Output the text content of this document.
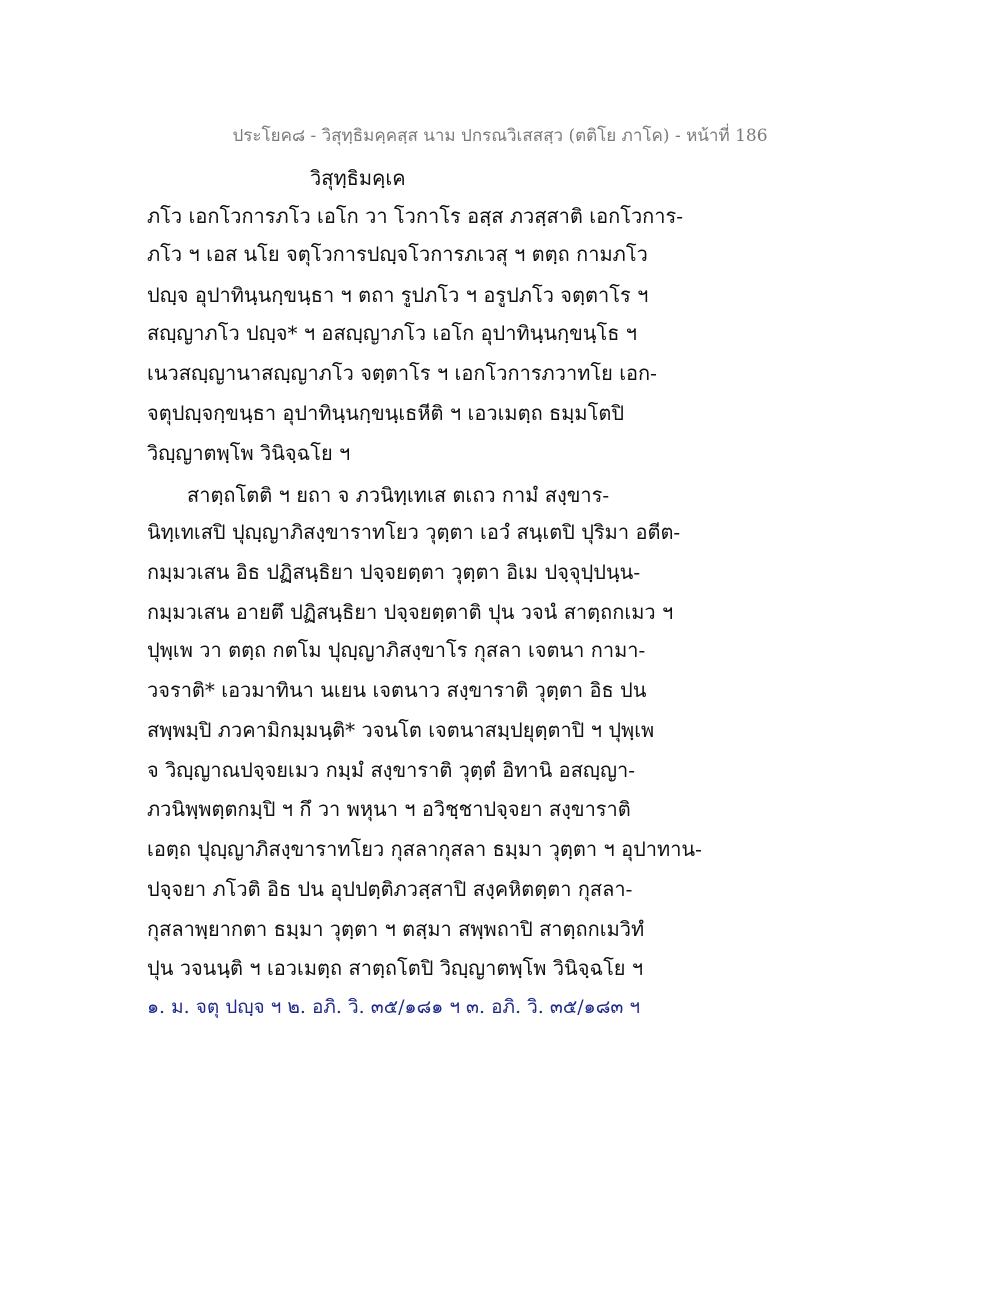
ประโยค๘ - วิสุทฺธิมคฺคสฺส นาม ปกรณวิเสสสฺว (ตติโย ภาโค) - หน้าที่ 186
วิสุทฺธิมคฺเค
ภโว เอกโวการภโว เอโก วา โวกาโร อสฺส ภวสฺสาติ เอกโวการ-
ภโว ฯ เอส นโย จตุโวการปญฺจโวการภเวสุ ฯ ตตฺถ กามภโว
ปญฺจ อุปาทินฺนกฺขนฺธา ฯ ตถา รูปภโว ฯ อรูปภโว จตฺตาโร ฯ
สญฺญาภโว ปญฺจ* ฯ อสญฺญาภโว เอโก อุปาทินฺนกฺขนฺโธ ฯ
เนวสญฺญานาสญฺญาภโว จตฺตาโร ฯ เอกโวการภวาทโย เอก-
จตุปญฺจกฺขนฺธา อุปาทินฺนกฺขนฺเธหีติ ฯ เอวเมตฺถ ธมฺมโตปิ
วิญฺญาตพฺโพ วินิจฺฉโย ฯ
สาตฺถโตติ ฯ ยถา จ ภวนิทฺเทเส ตเถว กามํ สงฺขาร-
นิทฺเทเสปิ ปุญฺญาภิสงฺขาราทโยว วุตฺตา เอวํ สนฺเตปิ ปุริมา อตีต-
กมฺมวเสน อิธ ปฏิสนฺธิยา ปจฺจยตฺตา วุตฺตา อิเม ปจฺจุปฺปนฺน-
กมฺมวเสน อายตึ ปฏิสนฺธิยา ปจฺจยตฺตาติ ปุน วจนํ สาตฺถกเมว ฯ
ปุพฺเพ วา ตตฺถ กตโม ปุญฺญาภิสงฺขาโร กุสลา เจตนา กามา-
วจราติ* เอวมาทินา นเยน เจตนาว สงฺขาราติ วุตฺตา อิธ ปน
สพฺพมฺปิ ภวคามิกมฺมนฺติ* วจนโต เจตนาสมฺปยุตฺตาปิ ฯ ปุพฺเพ
จ วิญฺญาณปจฺจยเมว กมฺมํ สงฺขาราติ วุตฺตํ อิทานิ อสญฺญา-
ภวนิพฺพตฺตกมฺปิ ฯ กึ วา พหุนา ฯ อวิชฺชาปจฺจยา สงฺขาราติ
เอตฺถ ปุญฺญาภิสงฺขาราทโยว กุสลากุสลา ธมฺมา วุตฺตา ฯ อุปาทาน-
ปจฺจยา ภโวติ อิธ ปน อุปปตฺติภวสฺสาปิ สงฺคหิตตฺตา กุสลา-
กุสลาพฺยากตา ธมฺมา วุตฺตา ฯ ตสฺมา สพฺพถาปิ สาตฺถกเมวิทํ
ปุน วจนนฺติ ฯ เอวเมตฺถ สาตฺถโตปิ วิญฺญาตพฺโพ วินิจฺฉโย ฯ
๑. ม. จตุ ปญฺจ ฯ ๒. อภิ. วิ. ๓๕/๑๘๑ ฯ ๓. อภิ. วิ. ๓๕/๑๘๓ ฯ
